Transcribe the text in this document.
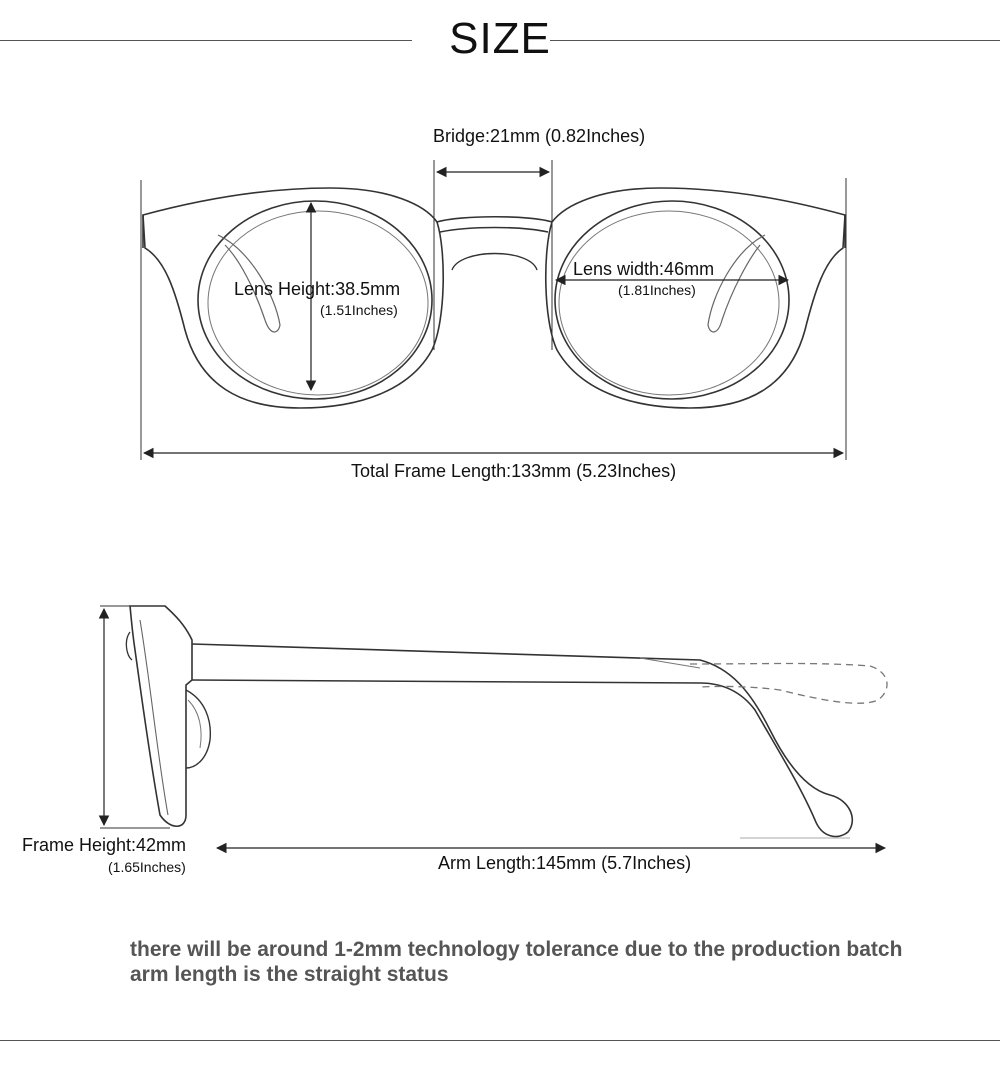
SIZE
Bridge:21mm (0.82Inches)
Lens Height:38.5mm
(1.51Inches)
Lens width:46mm
(1.81Inches)
Total Frame Length:133mm (5.23Inches)
Frame Height:42mm
(1.65Inches)	Arm Length:145mm (5.7Inches)
there will be around 1-2mm technology tolerance due to the production batch
arm length is the straight status
